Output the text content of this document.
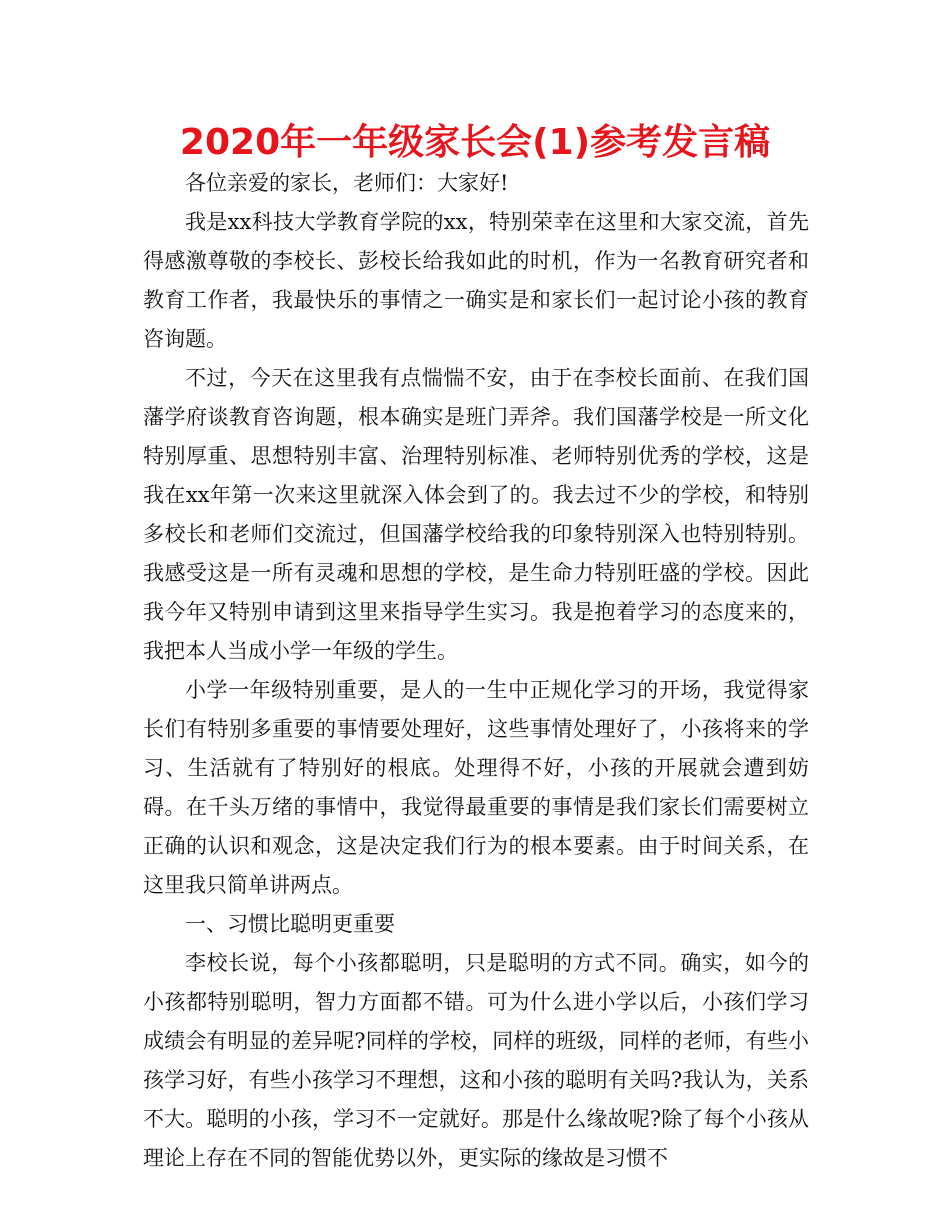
2020年一年级家长会(1)参考发言稿

各位亲爱的家长，老师们：大家好!

我是xx科技大学教育学院的xx，特别荣幸在这里和大家交流，首先得感激尊敬的李校长、彭校长给我如此的时机，作为一名教育研究者和教育工作者，我最快乐的事情之一确实是和家长们一起讨论小孩的教育咨询题。

不过，今天在这里我有点惴惴不安，由于在李校长面前、在我们国藩学府谈教育咨询题，根本确实是班门弄斧。我们国藩学校是一所文化特别厚重、思想特别丰富、治理特别标准、老师特别优秀的学校，这是我在xx年第一次来这里就深入体会到了的。我去过不少的学校，和特别多校长和老师们交流过，但国藩学校给我的印象特别深入也特别特别。我感受这是一所有灵魂和思想的学校，是生命力特别旺盛的学校。因此我今年又特别申请到这里来指导学生实习。我是抱着学习的态度来的，我把本人当成小学一年级的学生。

小学一年级特别重要，是人的一生中正规化学习的开场，我觉得家长们有特别多重要的事情要处理好，这些事情处理好了，小孩将来的学习、生活就有了特别好的根底。处理得不好，小孩的开展就会遭到妨碍。在千头万绪的事情中，我觉得最重要的事情是我们家长们需要树立正确的认识和观念，这是决定我们行为的根本要素。由于时间关系，在这里我只简单讲两点。

一、习惯比聪明更重要

李校长说，每个小孩都聪明，只是聪明的方式不同。确实，如今的小孩都特别聪明，智力方面都不错。可为什么进小学以后，小孩们学习成绩会有明显的差异呢?同样的学校，同样的班级，同样的老师，有些小孩学习好，有些小孩学习不理想，这和小孩的聪明有关吗?我认为，关系不大。聪明的小孩，学习不一定就好。那是什么缘故呢?除了每个小孩从理论上存在不同的智能优势以外，更实际的缘故是习惯不
